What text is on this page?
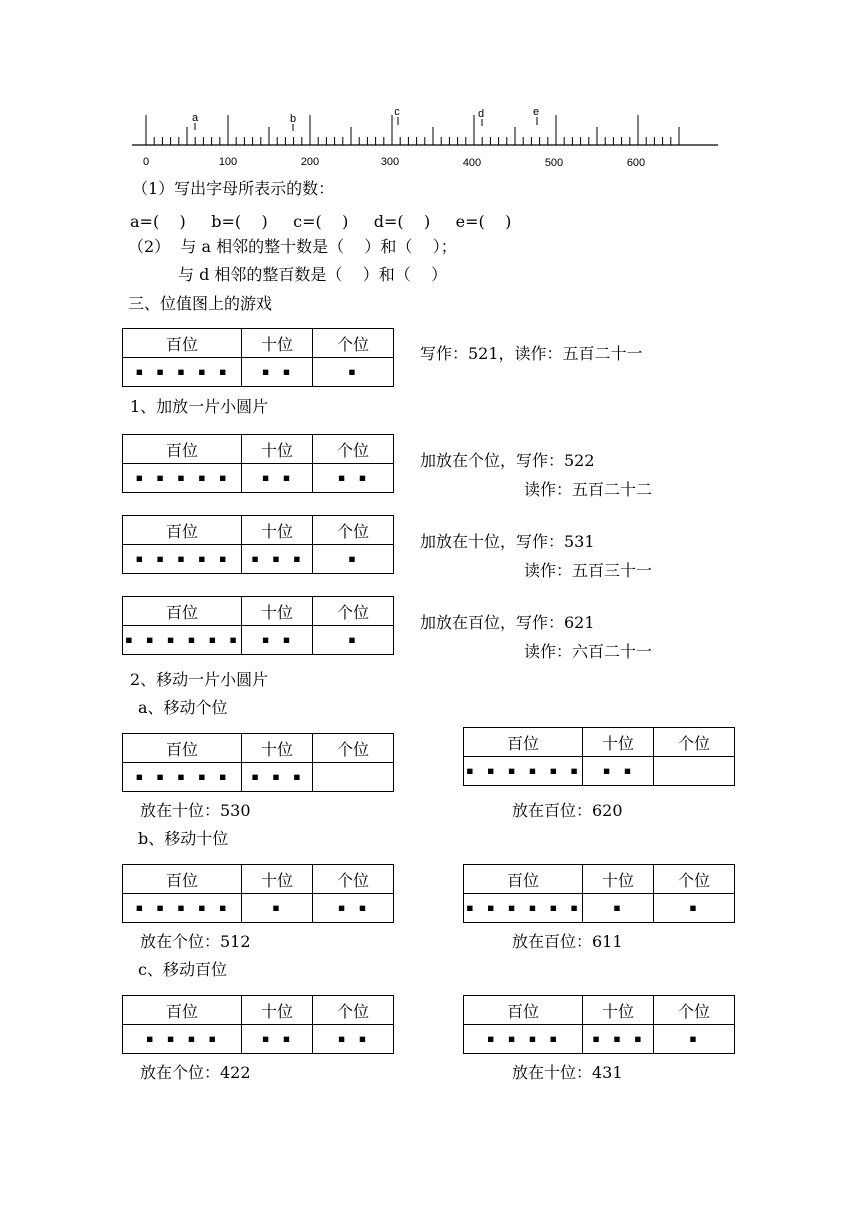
0	100	200	300	400	500	600
a	b
c	d	e
（1）写出字母所表示的数：
a=(    )     b=(    )     c=(    )     d=(    )     e=(    )
（2）  与 a 相邻的整十数是（    ）和（    ）；
与 d 相邻的整百数是（    ）和（    ）
三、位值图上的游戏
百位	十位	个位
▪ ▪ ▪ ▪ ▪	▪ ▪	▪
写作：521，读作：五百二十一
1、加放一片小圆片
百位	十位	个位
▪ ▪ ▪ ▪ ▪	▪ ▪	▪ ▪
加放在个位，写作：522
读作：五百二十二
百位	十位	个位
▪ ▪ ▪ ▪ ▪	▪ ▪ ▪	▪
加放在十位，写作：531
读作：五百三十一
百位	十位	个位
▪ ▪ ▪ ▪ ▪ ▪	▪ ▪	▪
加放在百位，写作：621
读作：六百二十一
2、移动一片小圆片
a、移动个位
百位	十位	个位
▪ ▪ ▪ ▪ ▪	▪ ▪ ▪	
放在十位：530
百位	十位	个位
▪ ▪ ▪ ▪ ▪ ▪	▪ ▪	
放在百位：620
b、移动十位
百位	十位	个位
▪ ▪ ▪ ▪ ▪	▪	▪ ▪
放在个位：512
百位	十位	个位
▪ ▪ ▪ ▪ ▪ ▪	▪	▪
放在百位：611
c、移动百位
百位	十位	个位
▪ ▪ ▪ ▪	▪ ▪	▪ ▪
放在个位：422
百位	十位	个位
▪ ▪ ▪ ▪	▪ ▪ ▪	▪
放在十位：431
